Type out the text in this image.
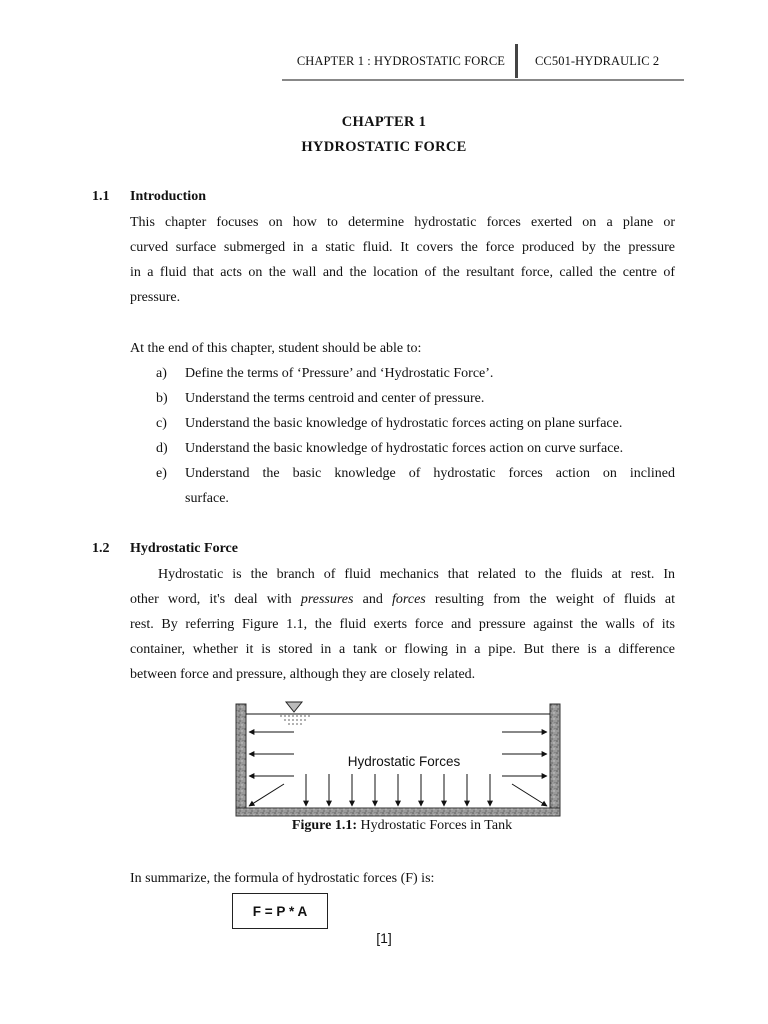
CHAPTER 1 : HYDROSTATIC FORCE CC501-HYDRAULIC 2
CHAPTER 1
HYDROSTATIC FORCE
1.1 Introduction
This chapter focuses on how to determine hydrostatic forces exerted on a plane or
curved surface submerged in a static fluid. It covers the force produced by the pressure
in a fluid that acts on the wall and the location of the resultant force, called the centre of
pressure.
At the end of this chapter, student should be able to:
a) Define the terms of ‘Pressure’ and ‘Hydrostatic Force’.
b) Understand the terms centroid and center of pressure.
c) Understand the basic knowledge of hydrostatic forces acting on plane surface.
d) Understand the basic knowledge of hydrostatic forces action on curve surface.
e) Understand the basic knowledge of hydrostatic forces action on inclined
surface.
1.2 Hydrostatic Force
Hydrostatic is the branch of fluid mechanics that related to the fluids at rest. In
other word, it's deal with pressures and forces resulting from the weight of fluids at
rest. By referring Figure 1.1, the fluid exerts force and pressure against the walls of its
container, whether it is stored in a tank or flowing in a pipe. But there is a difference
between force and pressure, although they are closely related.
Hydrostatic Forces
Figure 1.1: Hydrostatic Forces in Tank
In summarize, the formula of hydrostatic forces (F) is:
F = P * A
[1]
